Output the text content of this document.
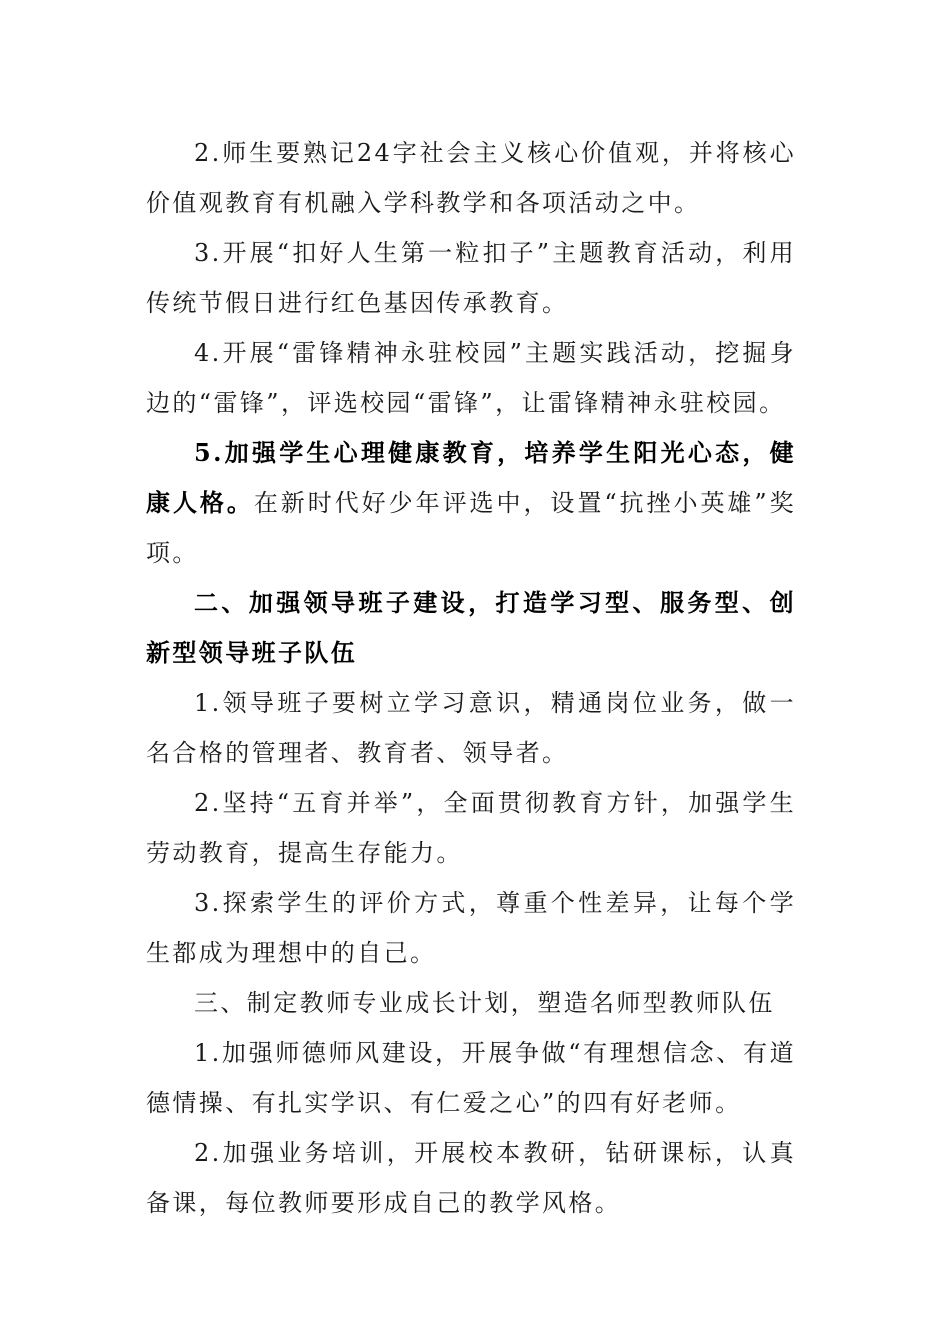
2.师生要熟记24字社会主义核心价值观，并将核心价值观教育有机融入学科教学和各项活动之中。

3.开展“扣好人生第一粒扣子”主题教育活动，利用传统节假日进行红色基因传承教育。

4.开展“雷锋精神永驻校园”主题实践活动，挖掘身边的“雷锋”，评选校园“雷锋”，让雷锋精神永驻校园。

5.加强学生心理健康教育，培养学生阳光心态，健康人格。在新时代好少年评选中，设置“抗挫小英雄”奖项。

二、加强领导班子建设，打造学习型、服务型、创新型领导班子队伍

1.领导班子要树立学习意识，精通岗位业务，做一名合格的管理者、教育者、领导者。

2.坚持“五育并举”，全面贯彻教育方针，加强学生劳动教育，提高生存能力。

3.探索学生的评价方式，尊重个性差异，让每个学生都成为理想中的自己。

三、制定教师专业成长计划，塑造名师型教师队伍

1.加强师德师风建设，开展争做“有理想信念、有道德情操、有扎实学识、有仁爱之心”的四有好老师。

2.加强业务培训，开展校本教研，钻研课标，认真备课，每位教师要形成自己的教学风格。
